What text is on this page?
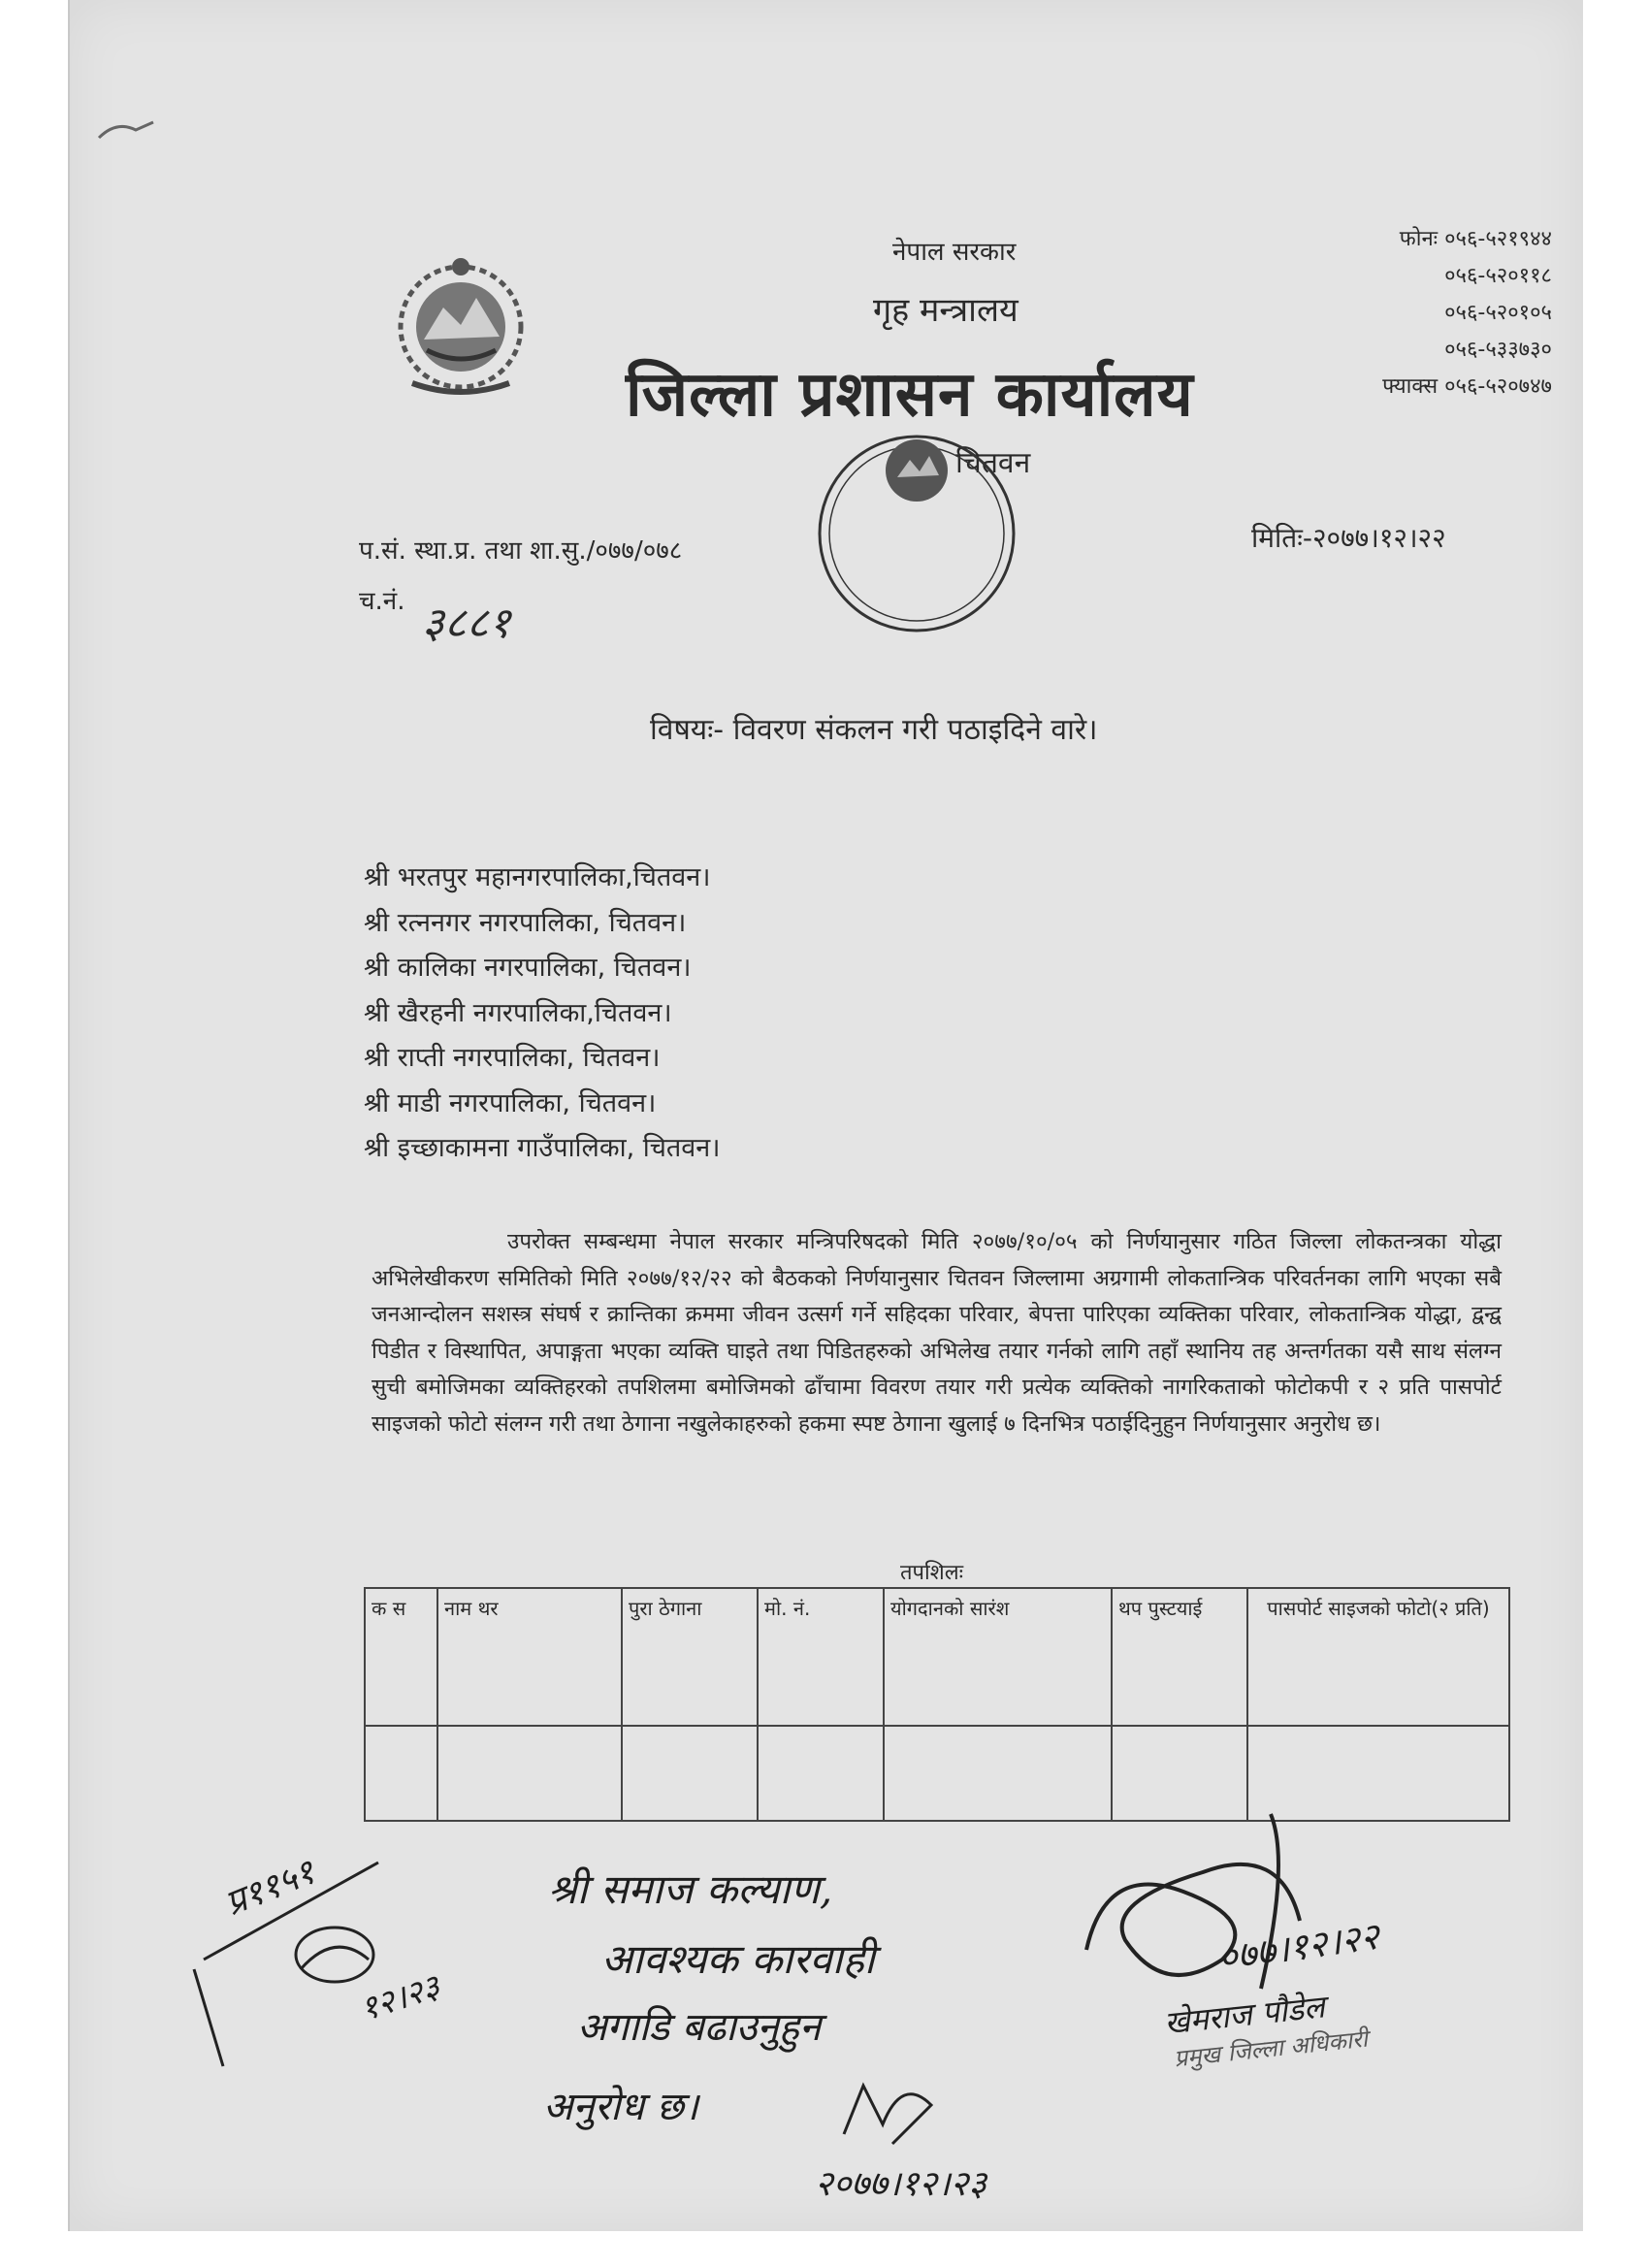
नेपाल सरकार
गृह मन्त्रालय
जिल्ला प्रशासन कार्यालय
चितवन
फोनः ०५६-५२१९४४
०५६-५२०११८
०५६-५२०१०५
०५६-५३३७३०
फ्याक्स ०५६-५२०७४७
प.सं. स्था.प्र. तथा शा.सु./०७७/०७८	मितिः-२०७७।१२।२२
च.नं. ३८८१
विषयः- विवरण संकलन गरी पठाइदिने वारे।
श्री भरतपुर महानगरपालिका,चितवन।
श्री रत्ननगर नगरपालिका, चितवन।
श्री कालिका नगरपालिका, चितवन।
श्री खैरहनी नगरपालिका,चितवन।
श्री राप्ती नगरपालिका, चितवन।
श्री माडी नगरपालिका, चितवन।
श्री इच्छाकामना गाउँपालिका, चितवन।
उपरोक्त सम्बन्धमा नेपाल सरकार मन्त्रिपरिषदको मिति २०७७/१०/०५ को निर्णयानुसार गठित जिल्ला लोकतन्त्रका योद्धा अभिलेखीकरण समितिको मिति २०७७/१२/२२ को बैठकको निर्णयानुसार चितवन जिल्लामा अग्रगामी लोकतान्त्रिक परिवर्तनका लागि भएका सबै जनआन्दोलन सशस्त्र संघर्ष र क्रान्तिका क्रममा जीवन उत्सर्ग गर्ने सहिदका परिवार, बेपत्ता पारिएका व्यक्तिका परिवार, लोकतान्त्रिक योद्धा, द्वन्द्व पिडीत र विस्थापित, अपाङ्गता भएका व्यक्ति घाइते तथा पिडितहरुको अभिलेख तयार गर्नको लागि तहाँ स्थानिय तह अन्तर्गतका यसै साथ संलग्न सुची बमोजिमका व्यक्तिहरको तपशिलमा बमोजिमको ढाँचामा विवरण तयार गरी प्रत्येक व्यक्तिको नागरिकताको फोटोकपी र २ प्रति पासपोर्ट साइजको फोटो संलग्न गरी तथा ठेगाना नखुलेकाहरुको हकमा स्पष्ट ठेगाना खुलाई ७ दिनभित्र पठाईदिनुहुन निर्णयानुसार अनुरोध छ।
तपशिलः
क स	नाम थर	पुरा ठेगाना	मो. नं.	योगदानको सारंश	थप पुस्टयाई	पासपोर्ट साइजको फोटो(२ प्रति)

प्र११५१
१२।२३
श्री समाज कल्याण,
आवश्यक कारवाही
अगाडि बढाउनुहुन
अनुरोध छ।
२०७७।१२।२३
०७७।१२।२२
खेमराज पौडेल
प्रमुख जिल्ला अधिकारी
